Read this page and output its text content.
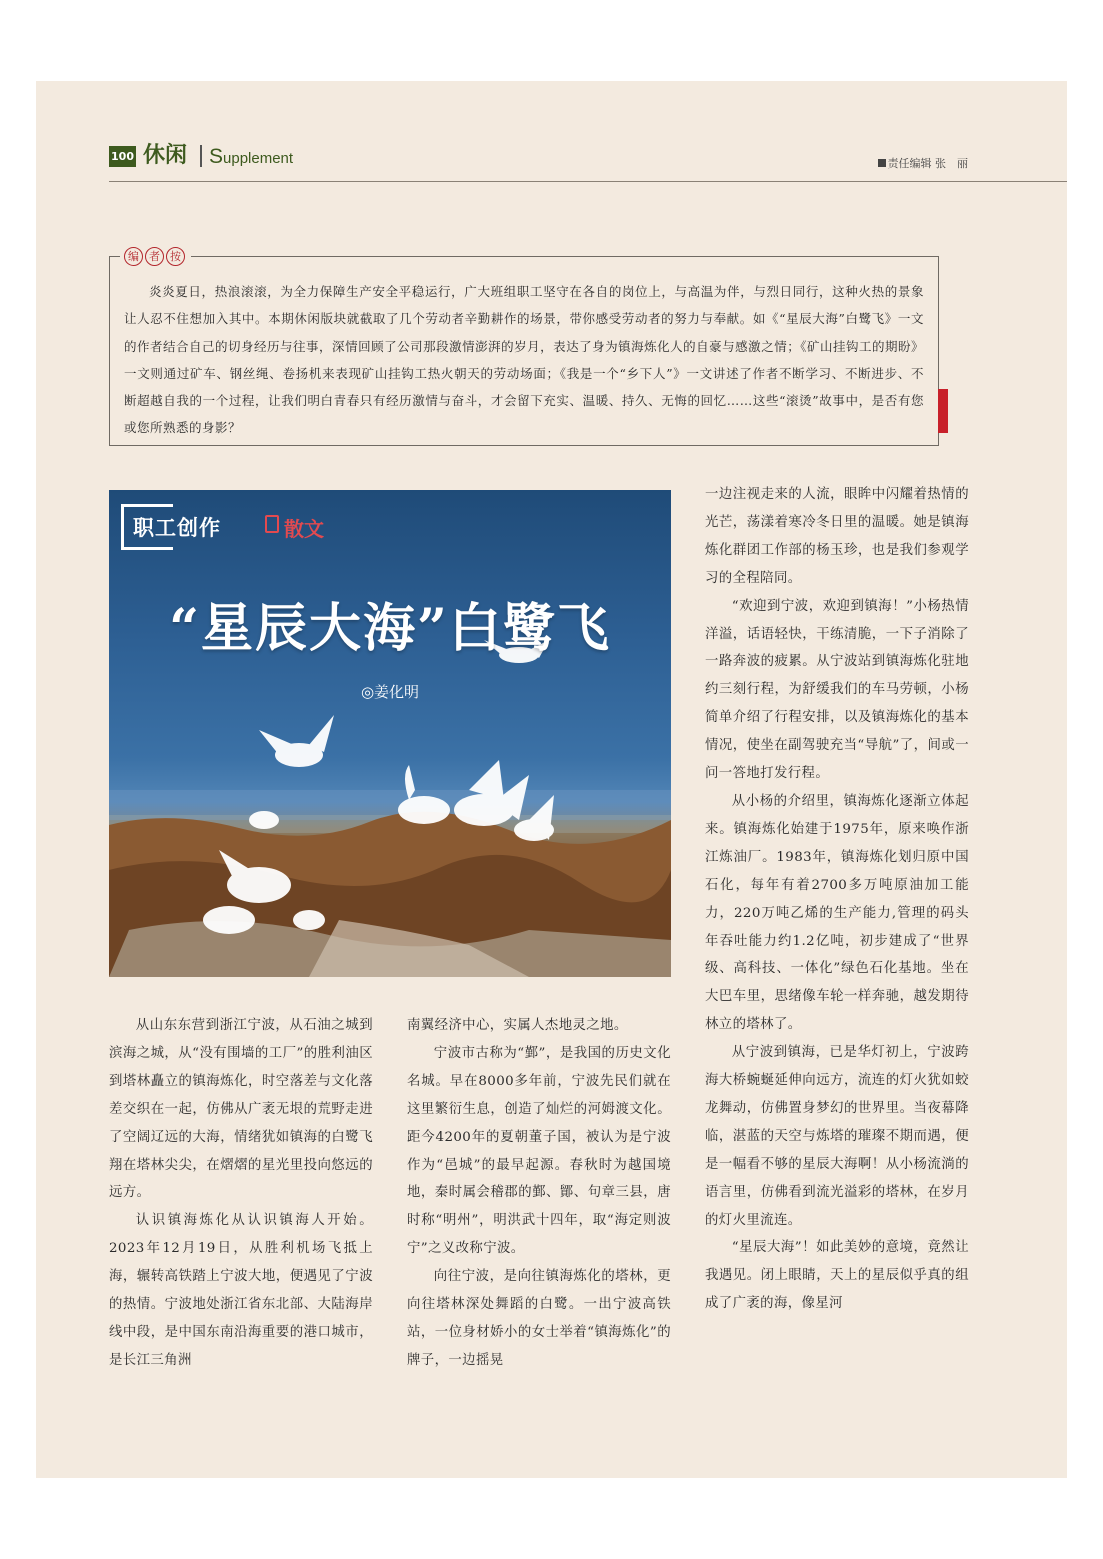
100 休闲 Supplement	责任编辑 张　丽
编 者 按

炎炎夏日，热浪滚滚，为全力保障生产安全平稳运行，广大班组职工坚守在各自的岗位上，与高温为伴，与烈日同行，这种火热的景象让人忍不住想加入其中。本期休闲版块就截取了几个劳动者辛勤耕作的场景，带你感受劳动者的努力与奉献。如《“星辰大海”白鹭飞》一文的作者结合自己的切身经历与往事，深情回顾了公司那段激情澎湃的岁月，表达了身为镇海炼化人的自豪与感激之情；《矿山挂钩工的期盼》一文则通过矿车、钢丝绳、卷扬机来表现矿山挂钩工热火朝天的劳动场面；《我是一个“乡下人”》一文讲述了作者不断学习、不断进步、不断超越自我的一个过程，让我们明白青春只有经历激情与奋斗，才会留下充实、温暖、持久、无悔的回忆……这些“滚烫”故事中，是否有您或您所熟悉的身影？

职工创作	散文
“星辰大海”白鹭飞
◎姜化明

从山东东营到浙江宁波，从石油之城到滨海之城，从“没有围墙的工厂”的胜利油区到塔林矗立的镇海炼化，时空落差与文化落差交织在一起，仿佛从广袤无垠的荒野走进了空阔辽远的大海，情绪犹如镇海的白鹭飞翔在塔林尖尖，在熠熠的星光里投向悠远的远方。

认识镇海炼化从认识镇海人开始。2023年12月19日，从胜利机场飞抵上海，辗转高铁踏上宁波大地，便遇见了宁波的热情。宁波地处浙江省东北部、大陆海岸线中段，是中国东南沿海重要的港口城市，是长江三角洲

南翼经济中心，实属人杰地灵之地。

宁波市古称为“鄞”，是我国的历史文化名城。早在8000多年前，宁波先民们就在这里繁衍生息，创造了灿烂的河姆渡文化。距今4200年的夏朝董子国，被认为是宁波作为“邑城”的最早起源。春秋时为越国境地，秦时属会稽郡的鄞、鄮、句章三县，唐时称“明州”，明洪武十四年，取“海定则波宁”之义改称宁波。

向往宁波，是向往镇海炼化的塔林，更向往塔林深处舞蹈的白鹭。一出宁波高铁站，一位身材娇小的女士举着“镇海炼化”的牌子，一边摇晃

一边注视走来的人流，眼眸中闪耀着热情的光芒，荡漾着寒冷冬日里的温暖。她是镇海炼化群团工作部的杨玉珍，也是我们参观学习的全程陪同。

“欢迎到宁波，欢迎到镇海！”小杨热情洋溢，话语轻快，干练清脆，一下子消除了一路奔波的疲累。从宁波站到镇海炼化驻地约三刻行程，为舒缓我们的车马劳顿，小杨简单介绍了行程安排，以及镇海炼化的基本情况，使坐在副驾驶充当“导航”了，间或一问一答地打发行程。

从小杨的介绍里，镇海炼化逐渐立体起来。镇海炼化始建于1975年，原来唤作浙江炼油厂。1983年，镇海炼化划归原中国石化，每年有着2700多万吨原油加工能力，220万吨乙烯的生产能力,管理的码头年吞吐能力约1.2亿吨，初步建成了“世界级、高科技、一体化”绿色石化基地。坐在大巴车里，思绪像车轮一样奔驰，越发期待林立的塔林了。

从宁波到镇海，已是华灯初上，宁波跨海大桥蜿蜒延伸向远方，流连的灯火犹如蛟龙舞动，仿佛置身梦幻的世界里。当夜幕降临，湛蓝的天空与炼塔的璀璨不期而遇，便是一幅看不够的星辰大海啊！从小杨流淌的语言里，仿佛看到流光溢彩的塔林，在岁月的灯火里流连。

“星辰大海”！如此美妙的意境，竟然让我遇见。闭上眼睛，天上的星辰似乎真的组成了广袤的海，像星河
